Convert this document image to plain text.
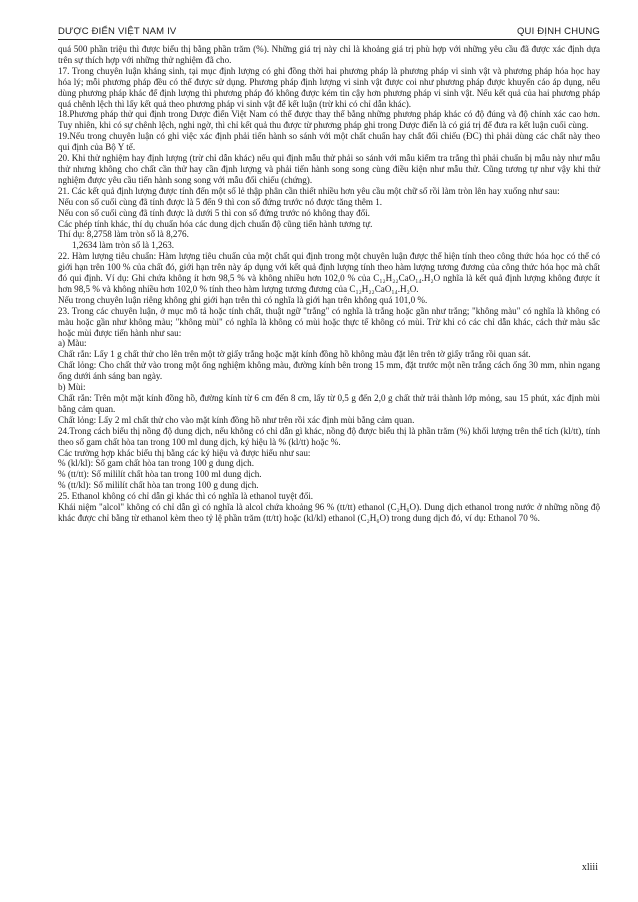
DƯỢC ĐIỂN VIỆT NAM IV	QUI ĐỊNH CHUNG

quá 500 phần triệu thì được biểu thị bằng phần trăm (%). Những giá trị này chỉ là khoảng giá trị phù hợp với những yêu cầu đã được xác định dựa trên sự thích hợp với những thử nghiệm đã cho.

17. Trong chuyên luận kháng sinh, tại mục định lượng có ghi đồng thời hai phương pháp là phương pháp vi sinh vật và phương pháp hóa học hay hóa lý; mỗi phương pháp đều có thể được sử dụng. Phương pháp định lượng vi sinh vật được coi như phương pháp được khuyến cáo áp dụng, nếu dùng phương pháp khác để định lượng thì phương pháp đó không được kém tin cậy hơn phương pháp vi sinh vật. Nếu kết quả của hai phương pháp quá chênh lệch thì lấy kết quả theo phương pháp vi sinh vật để kết luận (trừ khi có chỉ dẫn khác).

18.Phương pháp thử qui định trong Dược điển Việt Nam có thể được thay thế bằng những phương pháp khác có độ đúng và độ chính xác cao hơn. Tuy nhiên, khi có sự chênh lệch, nghi ngờ, thì chỉ kết quả thu được từ phương pháp ghi trong Dược điển là có giá trị để đưa ra kết luận cuối cùng.

19.Nếu trong chuyên luận có ghi việc xác định phải tiến hành so sánh với một chất chuẩn hay chất đối chiếu (ĐC) thì phải dùng các chất này theo qui định của Bộ Y tế.

20. Khi thử nghiệm hay định lượng (trừ chỉ dẫn khác) nếu qui định mẫu thử phải so sánh với mẫu kiểm tra trắng thì phải chuẩn bị mẫu này như mẫu thử nhưng không cho chất cần thử hay cần định lượng và phải tiến hành song song cùng điều kiện như mẫu thử. Cũng tương tự như vậy khi thử nghiệm được yêu cầu tiến hành song song với mẫu đối chiếu (chứng).

21. Các kết quả định lượng được tính đến một số lẻ thập phân cần thiết nhiều hơn yêu cầu một chữ số rồi làm tròn lên hay xuống như sau:

Nếu con số cuối cùng đã tính được là 5 đến 9 thì con số đứng trước nó được tăng thêm 1.

Nếu con số cuối cùng đã tính được là dưới 5 thì con số đứng trước nó không thay đổi.

Các phép tính khác, thí dụ chuẩn hóa các dung dịch chuẩn độ cũng tiến hành tương tự.

Thí dụ: 8,2758 làm tròn số là 8,276.

1,2634 làm tròn số là 1,263.

22. Hàm lượng tiêu chuẩn: Hàm lượng tiêu chuẩn của một chất qui định trong một chuyên luận được thể hiện tính theo công thức hóa học có thể có giới hạn trên 100 % của chất đó, giới hạn trên này áp dụng với kết quả định lượng tính theo hàm lượng tương đương của công thức hóa học mà chất đó qui định. Ví dụ: Ghi chứa không ít hơn 98,5 % và không nhiều hơn 102,0 % của C₁₂H₂₂CaO₁₄.H₂O nghĩa là kết quả định lượng không được ít hơn 98,5 % và không nhiều hơn 102,0 % tính theo hàm lượng tương đương của C₁₂H₂₂CaO₁₄.H₂O.

Nếu trong chuyên luận riêng không ghi giới hạn trên thì có nghĩa là giới hạn trên không quá 101,0 %.

23. Trong các chuyên luận, ở mục mô tả hoặc tính chất, thuật ngữ "trắng" có nghĩa là trắng hoặc gần như trắng; "không màu" có nghĩa là không có màu hoặc gần như không màu; "không mùi" có nghĩa là không có mùi hoặc thực tế không có mùi. Trừ khi có các chỉ dẫn khác, cách thử màu sắc hoặc mùi được tiến hành như sau:

a) Màu:

Chất rắn: Lấy 1 g chất thử cho lên trên một tờ giấy trắng hoặc mặt kính đồng hồ không màu đặt lên trên tờ giấy trắng rồi quan sát.

Chất lỏng: Cho chất thử vào trong một ống nghiệm không màu, đường kính bên trong 15 mm, đặt trước một nền trắng cách ống 30 mm, nhìn ngang ống dưới ánh sáng ban ngày.

b) Mùi:

Chất rắn: Trên một mặt kính đồng hồ, đường kính từ 6 cm đến 8 cm, lấy từ 0,5 g đến 2,0 g chất thử trải thành lớp mỏng, sau 15 phút, xác định mùi bằng cảm quan.

Chất lỏng: Lấy 2 ml chất thử cho vào mặt kính đồng hồ như trên rồi xác định mùi bằng cảm quan.

24.Trong cách biểu thị nồng độ dung dịch, nếu không có chỉ dẫn gì khác, nồng độ được biểu thị là phần trăm (%) khối lượng trên thể tích (kl/tt), tính theo số gam chất hòa tan trong 100 ml dung dịch, ký hiệu là % (kl/tt) hoặc %.

Các trường hợp khác biểu thị bằng các ký hiệu và được hiểu như sau:

% (kl/kl): Số gam chất hòa tan trong 100 g dung dịch.

% (tt/tt): Số mililít chất hòa tan trong 100 ml dung dịch.

% (tt/kl): Số mililít chất hòa tan trong 100 g dung dịch.

25. Ethanol không có chỉ dẫn gì khác thì có nghĩa là ethanol tuyệt đối.

Khái niệm "alcol" không có chỉ dẫn gì có nghĩa là alcol chứa khoảng 96 % (tt/tt) ethanol (C₂H₆O). Dung dịch ethanol trong nước ở những nồng độ khác được chỉ bằng từ ethanol kèm theo tỷ lệ phần trăm (tt/tt) hoặc (kl/kl) ethanol (C₂H₆O) trong dung dịch đó, ví dụ: Ethanol 70 %.

xliii
